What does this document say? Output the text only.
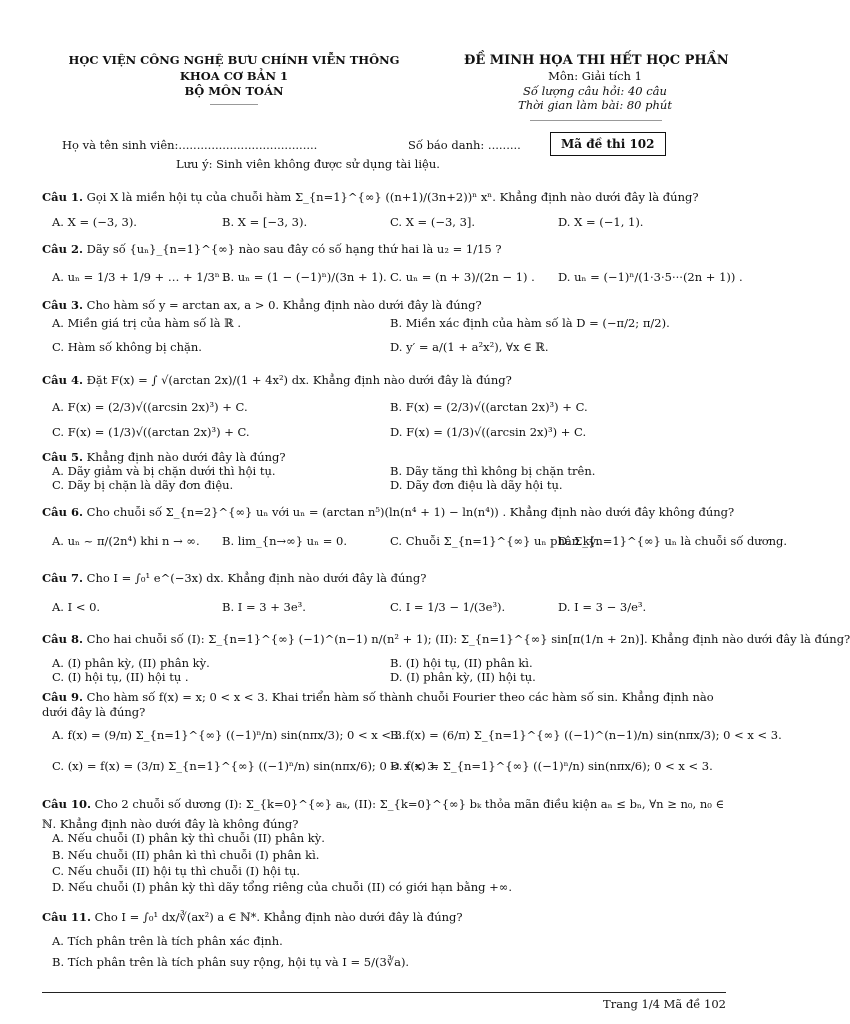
HỌC VIỆN CÔNG NGHỆ BƯU CHÍNH VIỄN THÔNG
KHOA CƠ BẢN 1
BỘ MÔN TOÁN
ĐỀ MINH HỌA THI HẾT HỌC PHẦN
Môn: Giải tích 1
Số lượng câu hỏi: 40 câu
Thời gian làm bài: 80 phút
Họ và tên sinh viên:......................................	Số báo danh: .........	Mã đề thi 102
Lưu ý: Sinh viên không được sử dụng tài liệu.
Câu 1. Gọi X là miền hội tụ của chuỗi hàm Σ_{n=1}^{∞} ((n+1)/(3n+2))ⁿ xⁿ. Khẳng định nào dưới đây là đúng?
A. X = (−3, 3).	B. X = [−3, 3).	C. X = (−3, 3].	D. X = (−1, 1).
Câu 2. Dãy số {uₙ}_{n=1}^{∞} nào sau đây có số hạng thứ hai là u₂ = 1/15 ?
A. uₙ = 1/3 + 1/9 + … + 1/3ⁿ .
B. uₙ = (1 − (−1)ⁿ)/(3n + 1). C. uₙ = (n + 3)/(2n − 1) . D. uₙ = (−1)ⁿ/(1·3·5···(2n + 1)) .
Câu 3. Cho hàm số y = arctan ax, a > 0. Khẳng định nào dưới đây là đúng?
A. Miền giá trị của hàm số là ℝ .	B. Miền xác định của hàm số là D = (−π/2; π/2).
C. Hàm số không bị chặn.	D. y′ = a/(1 + a²x²), ∀x ∈ ℝ.
Câu 4. Đặt F(x) = ∫ √(arctan 2x)/(1 + 4x²) dx. Khẳng định nào dưới đây là đúng?
A. F(x) = (2/3)√((arcsin 2x)³) + C.	B. F(x) = (2/3)√((arctan 2x)³) + C.
C. F(x) = (1/3)√((arctan 2x)³) + C.	D. F(x) = (1/3)√((arcsin 2x)³) + C.
Câu 5. Khẳng định nào dưới đây là đúng?
A. Dãy giảm và bị chặn dưới thì hội tụ.	B. Dãy tăng thì không bị chặn trên.
C. Dãy bị chặn là dãy đơn điệu.	D. Dãy đơn điệu là dãy hội tụ.
Câu 6. Cho chuỗi số Σ_{n=2}^{∞} uₙ với uₙ = (arctan n⁵)(ln(n⁴ + 1) − ln(n⁴)) . Khẳng định nào dưới đây không đúng?
A. uₙ ~ π/(2n⁴) khi n → ∞. B. lim_{n→∞} uₙ = 0.	C. Chuỗi Σ_{n=1}^{∞} uₙ phân kỳ.
D. Σ_{n=1}^{∞} uₙ là chuỗi số dương.
Câu 7. Cho I = ∫₀¹ e^(−3x) dx. Khẳng định nào dưới đây là đúng?
A. I < 0.	B. I = 3 + 3e³.	C. I = 1/3 − 1/(3e³).	D. I = 3 − 3/e³.
Câu 8. Cho hai chuỗi số (I): Σ_{n=1}^{∞} (−1)^(n−1) n/(n² + 1); (II): Σ_{n=1}^{∞} sin[π(1/n + 2n)]. Khẳng định nào dưới đây là đúng?
A. (I) phân kỳ, (II) phân kỳ.	B. (I) hội tụ, (II) phân kì.
C. (I) hội tụ, (II) hội tụ .	D. (I) phân kỳ, (II) hội tụ.
Câu 9. Cho hàm số f(x) = x; 0 < x < 3. Khai triển hàm số thành chuỗi Fourier theo các hàm số sin. Khẳng định nào dưới đây là đúng?
A. f(x) = (9/π) Σ_{n=1}^{∞} ((−1)ⁿ/n) sin(nπx/3); 0 < x < 3.
B. f(x) = (6/π) Σ_{n=1}^{∞} ((−1)^(n−1)/n) sin(nπx/3); 0 < x < 3.
C. (x) = f(x) = (3/π) Σ_{n=1}^{∞} ((−1)ⁿ/n) sin(nπx/6); 0 < x < 3.
D. f(x) = Σ_{n=1}^{∞} ((−1)ⁿ/n) sin(nπx/6); 0 < x < 3.
Câu 10. Cho 2 chuỗi số dương (I): Σ_{k=0}^{∞} aₖ, (II): Σ_{k=0}^{∞} bₖ thỏa mãn điều kiện aₙ ≤ bₙ, ∀n ≥ n₀, n₀ ∈ ℕ. Khẳng định nào dưới đây là không đúng?
A. Nếu chuỗi (I) phân kỳ thì chuỗi (II) phân kỳ.
B. Nếu chuỗi (II) phân kì thì chuỗi (I) phân kì.
C. Nếu chuỗi (II) hội tụ thì chuỗi (I) hội tụ.
D. Nếu chuỗi (I) phân kỳ thì dãy tổng riêng của chuỗi (II) có giới hạn bằng +∞.
Câu 11. Cho I = ∫₀¹ dx/∛(ax²) a ∈ ℕ*. Khẳng định nào dưới đây là đúng?
A. Tích phân trên là tích phân xác định.
B. Tích phân trên là tích phân suy rộng, hội tụ và I = 5/(3∛a).
Trang 1/4 Mã đề 102
